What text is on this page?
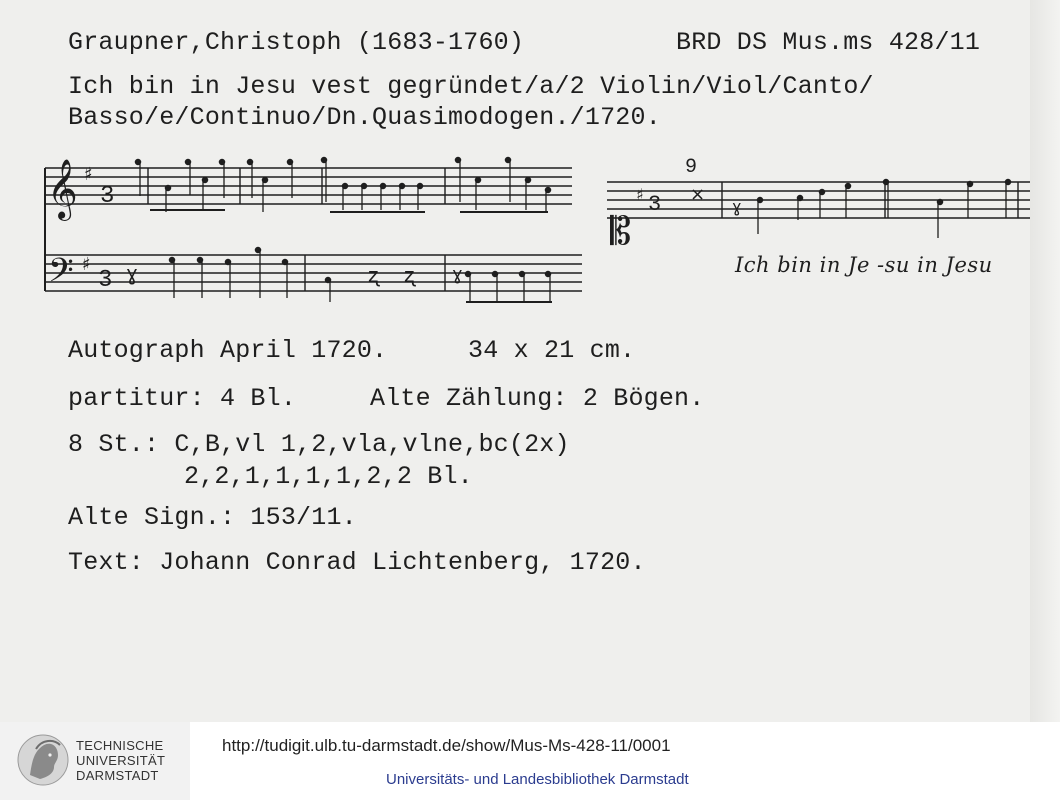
Graupner,Christoph (1683-1760)	BRD DS Mus.ms 428/11
Ich bin in Jesu vest gegründet/a/2 Violin/Viol/Canto/
Basso/e/Continuo/Dn.Quasimodogen./1720.
𝄞 ♯
3
𝄢 ♯
3
𝄡
♯ 3
9
ɣ	ʐ ʐ ɣ
×
ɣ
Ich bin in Je -su in Jesu
Autograph April 1720.	34 x 21 cm.
partitur: 4 Bl.	Alte Zählung: 2 Bögen.
8 St.: C,B,vl 1,2,vla,vlne,bc(2x)
2,2,1,1,1,1,2,2 Bl.
Alte Sign.: 153/11.
Text: Johann Conrad Lichtenberg, 1720.
TECHNISCHE
UNIVERSITÄT
DARMSTADT
http://tudigit.ulb.tu-darmstadt.de/show/Mus-Ms-428-11/0001
Universitäts- und Landesbibliothek Darmstadt
